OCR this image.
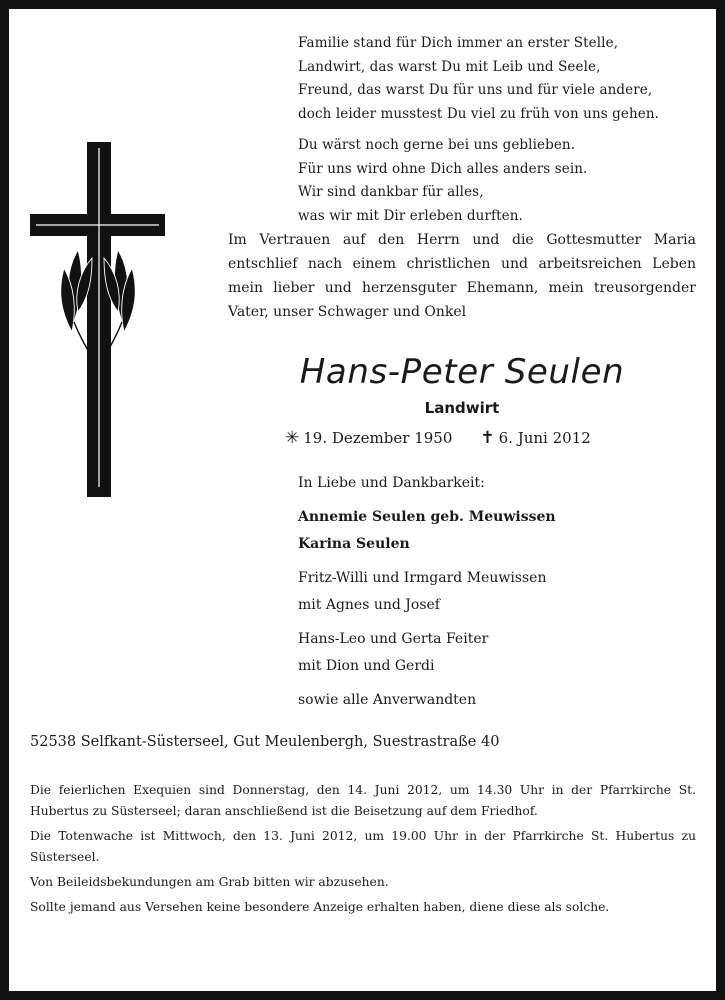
Familie stand für Dich immer an erster Stelle,
Landwirt, das warst Du mit Leib und Seele,
Freund, das warst Du für uns und für viele andere,
doch leider musstest Du viel zu früh von uns gehen.
Du wärst noch gerne bei uns geblieben.
Für uns wird ohne Dich alles anders sein.
Wir sind dankbar für alles,
was wir mit Dir erleben durften.
Im Vertrauen auf den Herrn und die Gottesmutter Maria entschlief nach einem christlichen und arbeitsreichen Leben mein lieber und herzensguter Ehemann, mein treusorgender Vater, unser Schwager und Onkel
Hans-Peter Seulen
Landwirt
✳ 19. Dezember 1950 ✝ 6. Juni 2012
In Liebe und Dankbarkeit:
Annemie Seulen geb. Meuwissen
Karina Seulen
Fritz-Willi und Irmgard Meuwissen
mit Agnes und Josef
Hans-Leo und Gerta Feiter
mit Dion und Gerdi
sowie alle Anverwandten
52538 Selfkant-Süsterseel, Gut Meulenbergh, Suestrastraße 40

Die feierlichen Exequien sind Donnerstag, den 14. Juni 2012, um 14.30 Uhr in der Pfarrkirche St. Hubertus zu Süsterseel; daran anschließend ist die Beisetzung auf dem Friedhof.

Die Totenwache ist Mittwoch, den 13. Juni 2012, um 19.00 Uhr in der Pfarrkirche St. Hubertus zu Süsterseel.

Von Beileidsbekundungen am Grab bitten wir abzusehen.

Sollte jemand aus Versehen keine besondere Anzeige erhalten haben, diene diese als solche.
